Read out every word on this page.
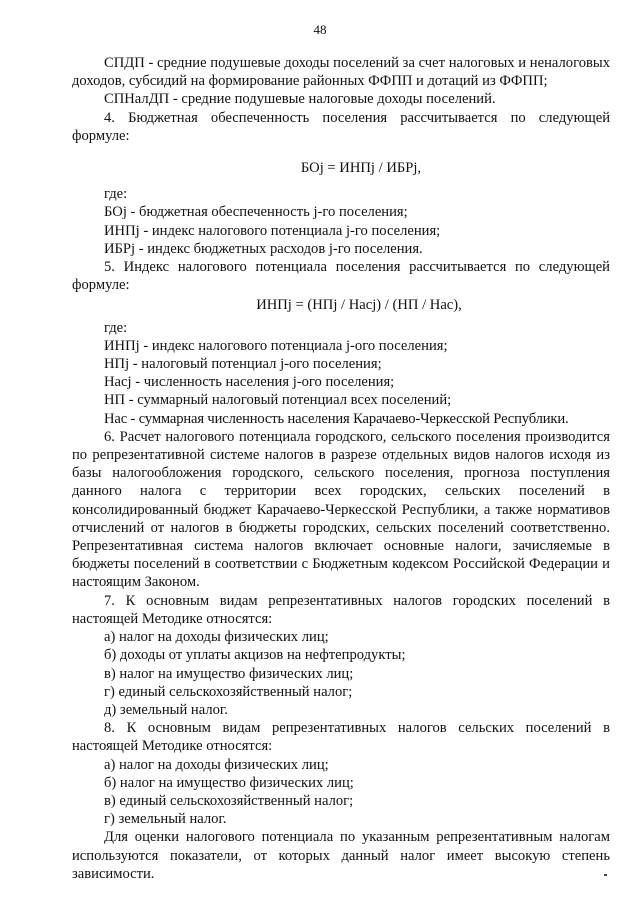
48

СПДП - средние подушевые доходы поселений за счет налоговых и неналоговых доходов, субсидий на формирование районных ФФПП и дотаций из ФФПП;

СПНалДП - средние подушевые налоговые доходы поселений.

4. Бюджетная обеспеченность поселения рассчитывается по следующей формуле:

БОj = ИНПj / ИБРj,

где:

БОj - бюджетная обеспеченность j-го поселения;

ИНПj - индекс налогового потенциала j-го поселения;

ИБРj - индекс бюджетных расходов j-го поселения.

5. Индекс налогового потенциала поселения рассчитывается по следующей формуле:

ИНПj = (НПj / Насj) / (НП / Нас),

где:

ИНПj - индекс налогового потенциала j-ого поселения;

НПj - налоговый потенциал j-ого поселения;

Насj - численность населения j-ого поселения;

НП - суммарный налоговый потенциал всех поселений;

Нас - суммарная численность населения Карачаево-Черкесской Республики.

6. Расчет налогового потенциала городского, сельского поселения производится по репрезентативной системе налогов в разрезе отдельных видов налогов исходя из базы налогообложения городского, сельского поселения, прогноза поступления данного налога с территории всех городских, сельских поселений в консолидированный бюджет Карачаево-Черкесской Республики, а также нормативов отчислений от налогов в бюджеты городских, сельских поселений соответственно. Репрезентативная система налогов включает основные налоги, зачисляемые в бюджеты поселений в соответствии с Бюджетным кодексом Российской Федерации и настоящим Законом.

7. К основным видам репрезентативных налогов городских поселений в настоящей Методике относятся:

а) налог на доходы физических лиц;

б) доходы от уплаты акцизов на нефтепродукты;

в) налог на имущество физических лиц;

г) единый сельскохозяйственный налог;

д) земельный налог.

8. К основным видам репрезентативных налогов сельских поселений в настоящей Методике относятся:

а) налог на доходы физических лиц;

б) налог на имущество физических лиц;

в) единый сельскохозяйственный налог;

г) земельный налог.

Для оценки налогового потенциала по указанным репрезентативным налогам используются показатели, от которых данный налог имеет высокую степень зависимости.
